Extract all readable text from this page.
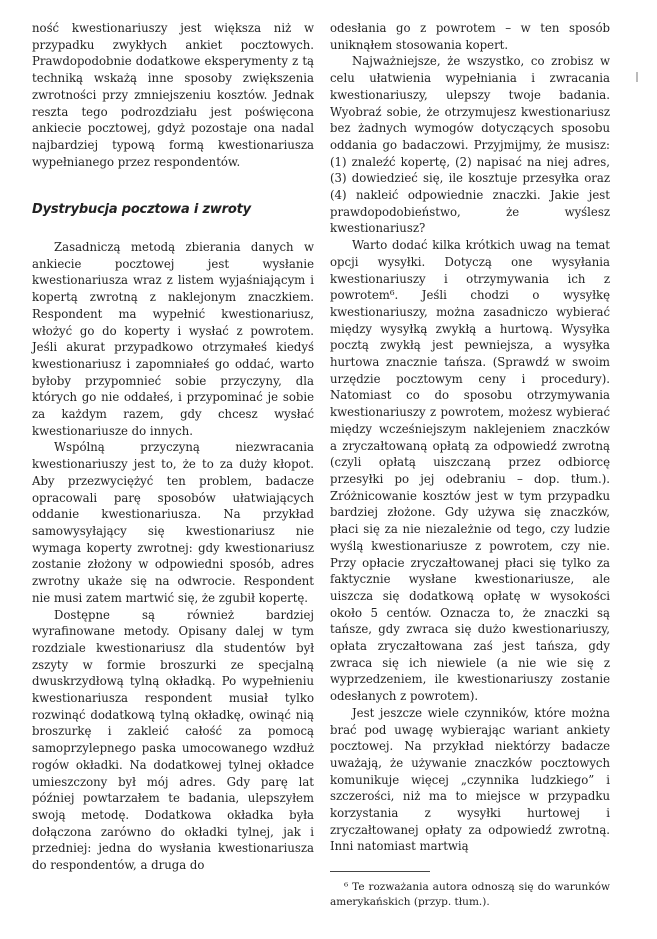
ność kwestionariuszy jest większa niż w przypadku zwykłych ankiet pocztowych. Prawdopodobnie dodatkowe eksperymenty z tą techniką wskażą inne sposoby zwiększenia zwrotności przy zmniejszeniu kosztów. Jednak reszta tego podrozdziału jest poświęcona ankiecie pocztowej, gdyż pozostaje ona nadal najbardziej typową formą kwestionariusza wypełnianego przez respondentów.

Dystrybucja pocztowa i zwroty

Zasadniczą metodą zbierania danych w ankiecie pocztowej jest wysłanie kwestionariusza wraz z listem wyjaśniającym i kopertą zwrotną z naklejonym znaczkiem. Respondent ma wypełnić kwestionariusz, włożyć go do koperty i wysłać z powrotem. Jeśli akurat przypadkowo otrzymałeś kiedyś kwestionariusz i zapomniałeś go oddać, warto byłoby przypomnieć sobie przyczyny, dla których go nie oddałeś, i przypominać je sobie za każdym razem, gdy chcesz wysłać kwestionariusze do innych.

Wspólną przyczyną niezwracania kwestionariuszy jest to, że to za duży kłopot. Aby przezwyciężyć ten problem, badacze opracowali parę sposobów ułatwiających oddanie kwestionariusza. Na przykład samowysyłający się kwestionariusz nie wymaga koperty zwrotnej: gdy kwestionariusz zostanie złożony w odpowiedni sposób, adres zwrotny ukaże się na odwrocie. Respondent nie musi zatem martwić się, że zgubił kopertę.

Dostępne są również bardziej wyrafinowane metody. Opisany dalej w tym rozdziale kwestionariusz dla studentów był zszyty w formie broszurki ze specjalną dwuskrzydłową tylną okładką. Po wypełnieniu kwestionariusza respondent musiał tylko rozwinąć dodatkową tylną okładkę, owinąć nią broszurkę i zakleić całość za pomocą samoprzylepnego paska umocowanego wzdłuż rogów okładki. Na dodatkowej tylnej okładce umieszczony był mój adres. Gdy parę lat później powtarzałem te badania, ulepszyłem swoją metodę. Dodatkowa okładka była dołączona zarówno do okładki tylnej, jak i przedniej: jedna do wysłania kwestionariusza do respondentów, a druga do

odesłania go z powrotem – w ten sposób uniknąłem stosowania kopert.

Najważniejsze, że wszystko, co zrobisz w celu ułatwienia wypełniania i zwracania kwestionariuszy, ulepszy twoje badania. Wyobraź sobie, że otrzymujesz kwestionariusz bez żadnych wymogów dotyczących sposobu oddania go badaczowi. Przyjmijmy, że musisz: (1) znaleźć kopertę, (2) napisać na niej adres, (3) dowiedzieć się, ile kosztuje przesyłka oraz (4) nakleić odpowiednie znaczki. Jakie jest prawdopodobieństwo, że wyślesz kwestionariusz?

Warto dodać kilka krótkich uwag na temat opcji wysyłki. Dotyczą one wysyłania kwestionariuszy i otrzymywania ich z powrotem⁶. Jeśli chodzi o wysyłkę kwestionariuszy, można zasadniczo wybierać między wysyłką zwykłą a hurtową. Wysyłka pocztą zwykłą jest pewniejsza, a wysyłka hurtowa znacznie tańsza. (Sprawdź w swoim urzędzie pocztowym ceny i procedury). Natomiast co do sposobu otrzymywania kwestionariuszy z powrotem, możesz wybierać między wcześniejszym naklejeniem znaczków a zryczałtowaną opłatą za odpowiedź zwrotną (czyli opłatą uiszczaną przez odbiorcę przesyłki po jej odebraniu – dop. tłum.). Zróżnicowanie kosztów jest w tym przypadku bardziej złożone. Gdy używa się znaczków, płaci się za nie niezależnie od tego, czy ludzie wyślą kwestionariusze z powrotem, czy nie. Przy opłacie zryczałtowanej płaci się tylko za faktycznie wysłane kwestionariusze, ale uiszcza się dodatkową opłatę w wysokości około 5 centów. Oznacza to, że znaczki są tańsze, gdy zwraca się dużo kwestionariuszy, opłata zryczałtowana zaś jest tańsza, gdy zwraca się ich niewiele (a nie wie się z wyprzedzeniem, ile kwestionariuszy zostanie odesłanych z powrotem).

Jest jeszcze wiele czynników, które można brać pod uwagę wybierając wariant ankiety pocztowej. Na przykład niektórzy badacze uważają, że używanie znaczków pocztowych komunikuje więcej „czynnika ludzkiego” i szczerości, niż ma to miejsce w przypadku korzystania z wysyłki hurtowej i zryczałtowanej opłaty za odpowiedź zwrotną. Inni natomiast martwią

⁶ Te rozważania autora odnoszą się do warunków amerykańskich (przyp. tłum.).
